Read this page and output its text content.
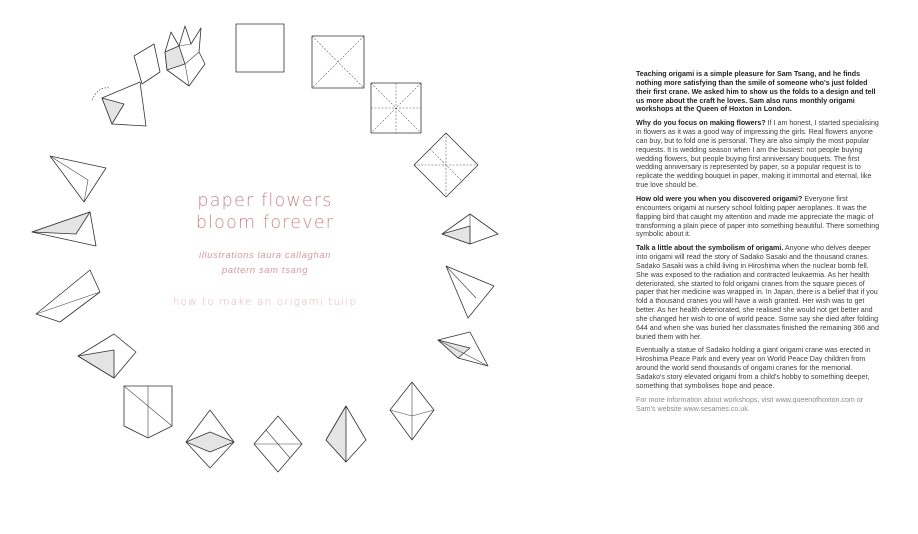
paper flowers
bloom forever
illustrations laura callaghan
pattern sam tsang
how to make an origami tulip

Teaching origami is a simple pleasure for Sam Tsang, and he finds nothing more satisfying than the smile of someone who's just folded their first crane. We asked him to show us the folds to a design and tell us more about the craft he loves. Sam also runs monthly origami workshops at the Queen of Hoxton in London.

Why do you focus on making flowers? If I am honest, I started specialising in flowers as it was a good way of impressing the girls. Real flowers anyone can buy, but to fold one is personal. They are also simply the most popular requests. It is wedding season when I am the busiest: not people buying wedding flowers, but people buying first anniversary bouquets. The first wedding anniversary is represented by paper, so a popular request is to replicate the wedding bouquet in paper, making it immortal and eternal, like true love should be.

How old were you when you discovered origami? Everyone first encounters origami at nursery school folding paper aeroplanes. It was the flapping bird that caught my attention and made me appreciate the magic of transforming a plain piece of paper into something beautiful. There something symbolic about it.

Talk a little about the symbolism of origami. Anyone who delves deeper into origami will read the story of Sadako Sasaki and the thousand cranes. Sadako Sasaki was a child living in Hiroshima when the nuclear bomb fell. She was exposed to the radiation and contracted leukaemia. As her health deteriorated, she started to fold origami cranes from the square pieces of paper that her medicine was wrapped in. In Japan, there is a belief that if you fold a thousand cranes you will have a wish granted. Her wish was to get better. As her health deteriorated, she realised she would not get better and she changed her wish to one of world peace. Some say she died after folding 644 and when she was buried her classmates finished the remaining 366 and buried them with her.

Eventually a statue of Sadako holding a giant origami crane was erected in Hiroshima Peace Park and every year on World Peace Day children from around the world send thousands of origami cranes for the memorial. Sadako's story elevated origami from a child's hobby to something deeper, something that symbolises hope and peace.

For more information about workshops, visit www.queenofhoxton.com or Sam's website www.sesames.co.uk.
